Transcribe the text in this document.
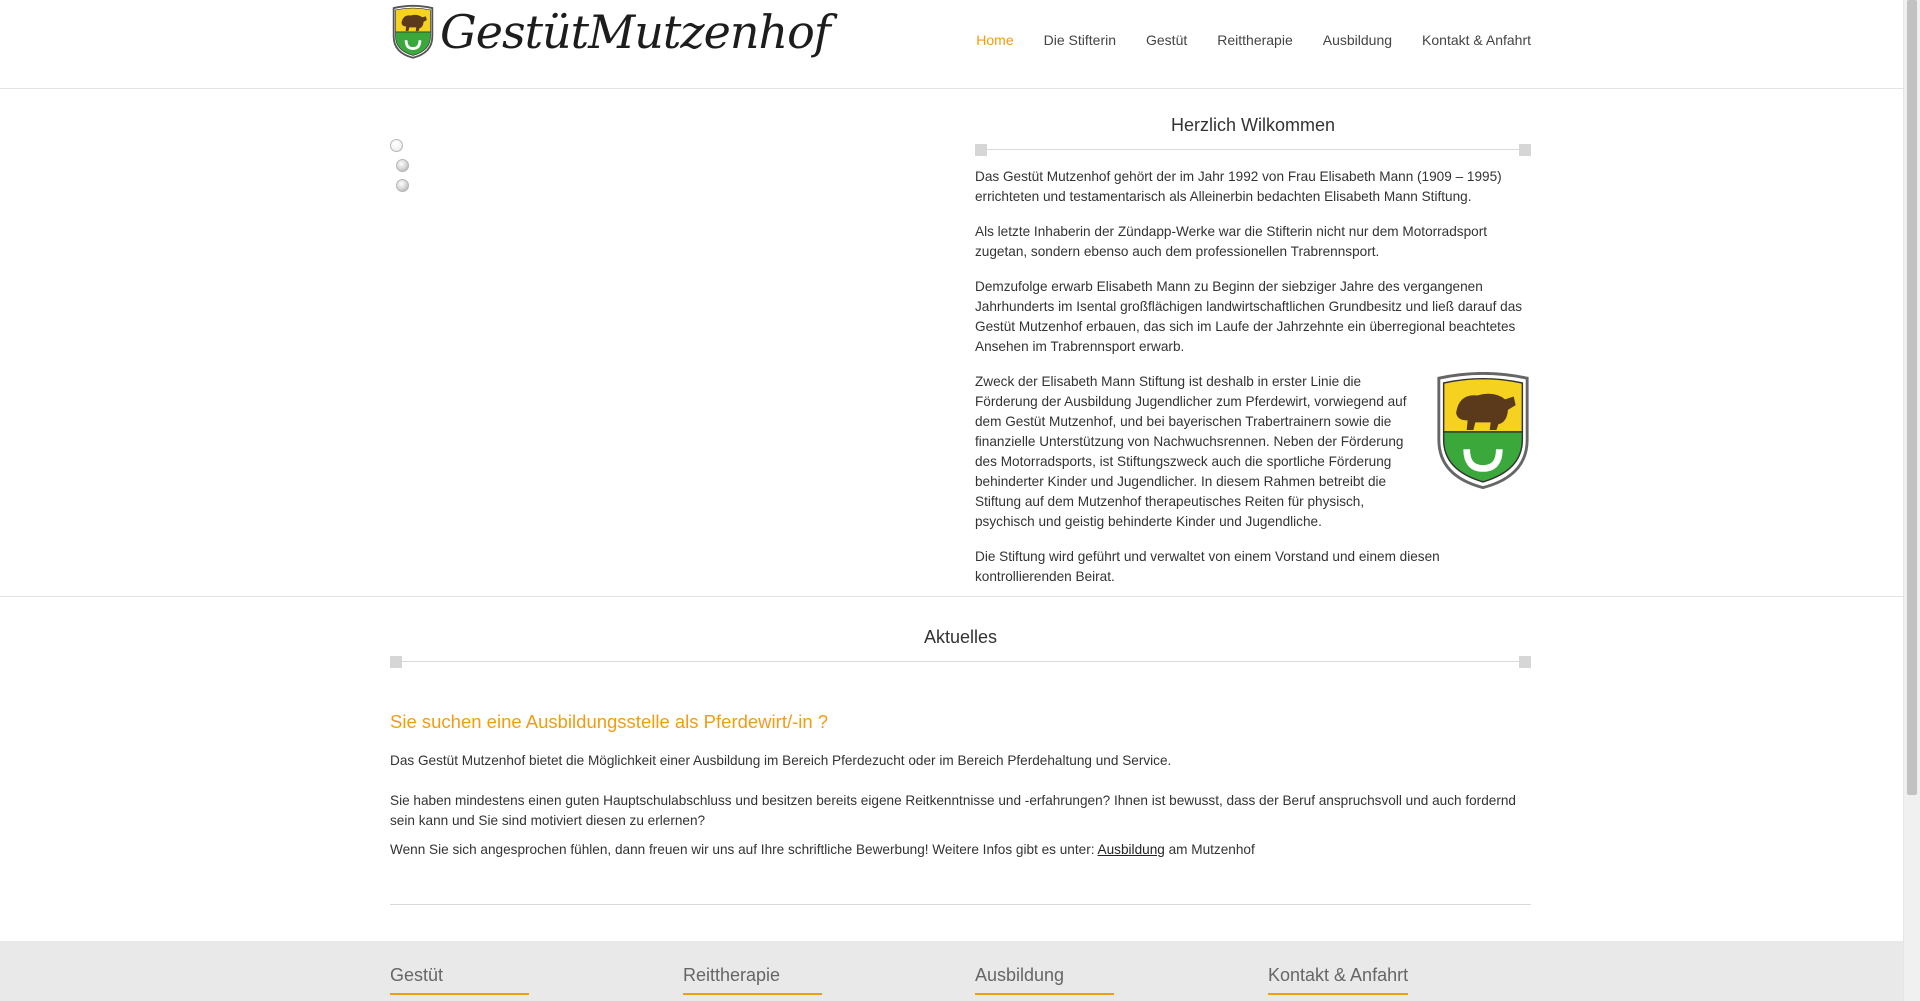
GestütMutzenhof	Home Die Stifterin Gestüt Reittherapie Ausbildung Kontakt & Anfahrt
Herzlich Wilkommen

Das Gestüt Mutzenhof gehört der im Jahr 1992 von Frau Elisabeth Mann (1909 – 1995) errichteten und testamentarisch als Alleinerbin bedachten Elisabeth Mann Stiftung.

Als letzte Inhaberin der Zündapp-Werke war die Stifterin nicht nur dem Motorradsport zugetan, sondern ebenso auch dem professionellen Trabrennsport.

Demzufolge erwarb Elisabeth Mann zu Beginn der siebziger Jahre des vergangenen Jahrhunderts im Isental großflächigen landwirtschaftlichen Grundbesitz und ließ darauf das Gestüt Mutzenhof erbauen, das sich im Laufe der Jahrzehnte ein überregional beachtetes Ansehen im Trabrennsport erwarb.

Zweck der Elisabeth Mann Stiftung ist deshalb in erster Linie die Förderung der Ausbildung Jugendlicher zum Pferdewirt, vorwiegend auf dem Gestüt Mutzenhof, und bei bayerischen Trabertrainern sowie die finanzielle Unterstützung von Nachwuchsrennen. Neben der Förderung des Motorradsports, ist Stiftungszweck auch die sportliche Förderung behinderter Kinder und Jugendlicher. In diesem Rahmen betreibt die Stiftung auf dem Mutzenhof therapeutisches Reiten für physisch, psychisch und geistig behinderte Kinder und Jugendliche.

Die Stiftung wird geführt und verwaltet von einem Vorstand und einem diesen kontrollierenden Beirat.

Aktuelles
Sie suchen eine Ausbildungsstelle als Pferdewirt/-in ?

Das Gestüt Mutzenhof bietet die Möglichkeit einer Ausbildung im Bereich Pferdezucht oder im Bereich Pferdehaltung und Service.

Sie haben mindestens einen guten Hauptschulabschluss und besitzen bereits eigene Reitkenntnisse und -erfahrungen? Ihnen ist bewusst, dass der Beruf anspruchsvoll und auch fordernd sein kann und Sie sind motiviert diesen zu erlernen?

Wenn Sie sich angesprochen fühlen, dann freuen wir uns auf Ihre schriftliche Bewerbung! Weitere Infos gibt es unter: Ausbildung am Mutzenhof

Gestüt	Reittherapie	Ausbildung	Kontakt & Anfahrt
